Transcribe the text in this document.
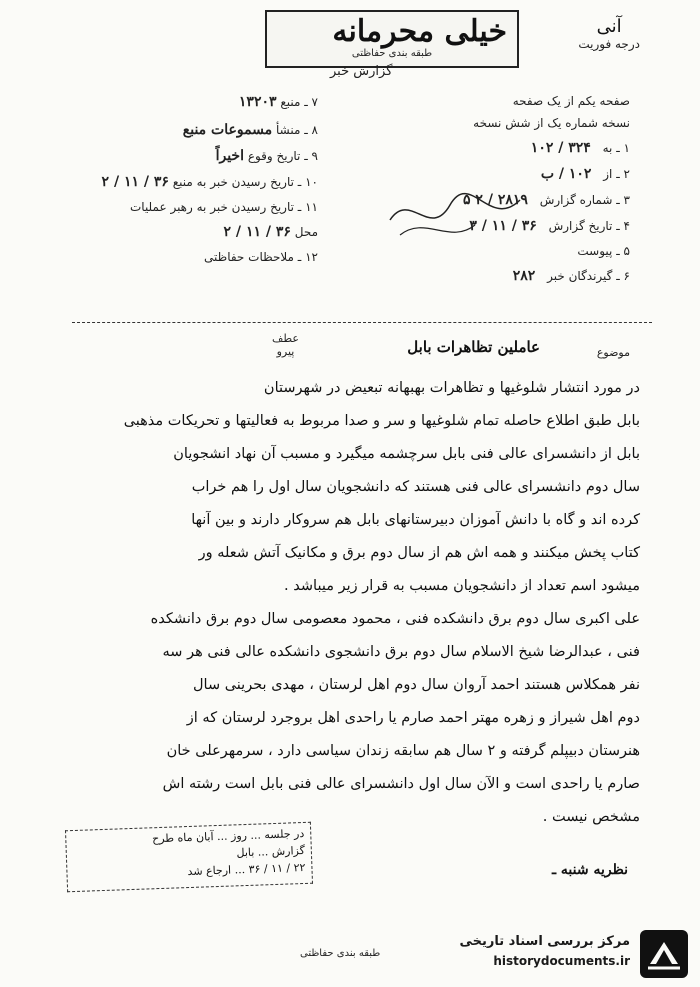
خیلی محرمانه
طبقه بندی حفاظتی
گزارش خبر
آنی
درجه فوریت
صفحه یکم از یک صفحه
نسخه شماره یک از شش نسخه
۱ ـ به ۳۲۴ / ۱۰۲
۲ ـ از ۱۰۲ / ب
۳ ـ شماره گزارش ۲۸۱۹ / ۲ ۵
۴ ـ تاریخ گزارش ۳۶ / ۱۱ / ۳
۵ ـ پیوست
۶ ـ گیرندگان خبر ۲۸۲
۷ ـ منبع ۱۳۲۰۳
۸ ـ منشأ مسموعات منبع
۹ ـ تاریخ وقوع اخیراً
۱۰ ـ تاریخ رسیدن خبر به منبع ۳۶ / ۱۱ / ۲
۱۱ ـ تاریخ رسیدن خبر به رهبر عملیات
محل ۳۶ / ۱۱ / ۲
۱۲ ـ ملاحظات حفاظتی
عطف
پیرو	موضوع
عاملین تظاهرات بابل

در مورد انتشار شلوغیها و تظاهرات بهبهانه تبعیض در شهرستان

بابل طبق اطلاع حاصله تمام شلوغیها و سر و صدا مربوط به فعالیتها و تحریکات مذهبی

بابل از دانشسرای عالی فنی بابل سرچشمه میگیرد و مسبب آن نهاد انشجویان

سال دوم دانشسرای عالی فنی هستند که دانشجویان سال اول را هم خراب

کرده اند و گاه با دانش آموزان دبیرستانهای بابل هم سروکار دارند و بین آنها

کتاب پخش میکنند و همه اش هم از سال دوم برق و مکانیک آتش شعله ور

میشود اسم تعداد از دانشجویان مسبب به قرار زیر میباشد .

علی اکبری سال دوم برق دانشکده فنی ، محمود معصومی سال دوم برق دانشکده

فنی ، عبدالرضا شیخ الاسلام سال دوم برق دانشجوی دانشکده عالی فنی هر سه

نفر همکلاس هستند احمد آروان سال دوم اهل لرستان ، مهدی بحرینی سال

دوم اهل شیراز و زهره مهتر احمد صارم یا راحدی اهل بروجرد لرستان که از

هنرستان دبیپلم گرفته و ۲ سال هم سابقه زندان سیاسی دارد ، سرمهرعلی خان

صارم یا راحدی است و الآن سال اول دانشسرای عالی فنی بابل است رشته اش

مشخص نیست .

نظریه شنبه ـ
در جلسه ... روز ... آبان ماه طرح
گزارش ... بابل
۲۲ / ۱۱ / ۳۶ ... ارجاع شد
طبقه بندی حفاظتی
مرکز بررسی اسناد تاریخی
historydocuments.ir
